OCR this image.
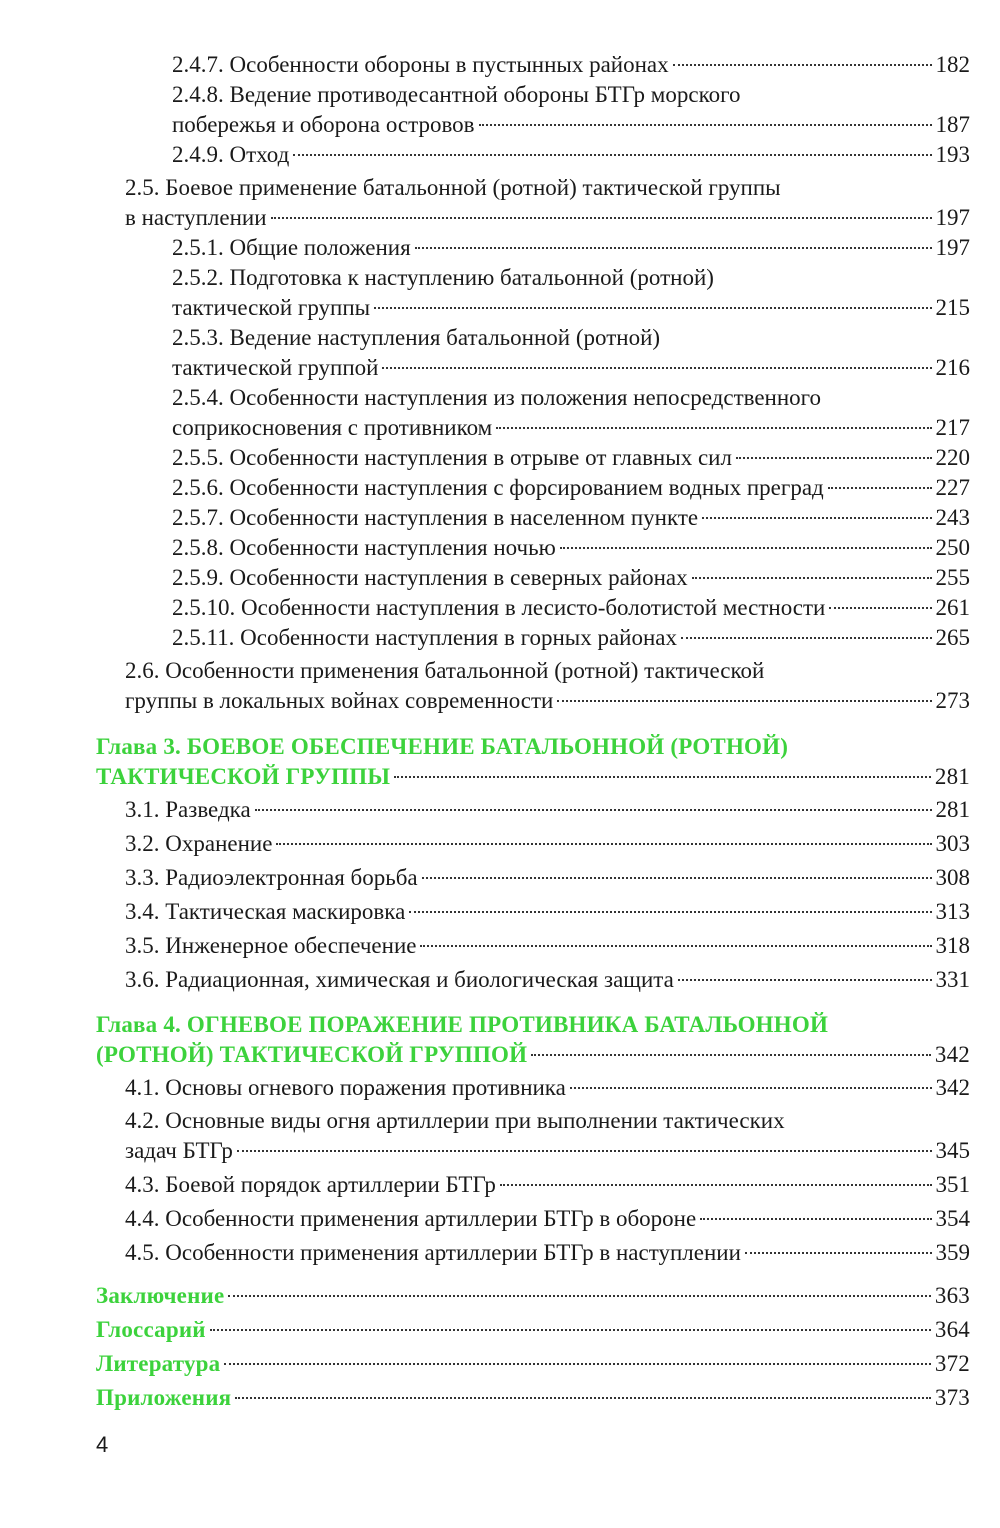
2.4.7. Особенности обороны в пустынных районах	182
2.4.8. Ведение противодесантной обороны БТГр морского
побережья и оборона островов	187
2.4.9. Отход	193
2.5. Боевое применение батальонной (ротной) тактической группы
в наступлении	197
2.5.1. Общие положения	197
2.5.2. Подготовка к наступлению батальонной (ротной)
тактической группы	215
2.5.3. Ведение наступления батальонной (ротной)
тактической группой	216
2.5.4. Особенности наступления из положения непосредственного
соприкосновения с противником	217
2.5.5. Особенности наступления в отрыве от главных сил	220
2.5.6. Особенности наступления с форсированием водных преград	227
2.5.7. Особенности наступления в населенном пункте	243
2.5.8. Особенности наступления ночью	250
2.5.9. Особенности наступления в северных районах	255
2.5.10. Особенности наступления в лесисто-болотистой местности	261
2.5.11. Особенности наступления в горных районах	265
2.6. Особенности применения батальонной (ротной) тактической
группы в локальных войнах современности	273
Глава 3. БОЕВОЕ ОБЕСПЕЧЕНИЕ БАТАЛЬОННОЙ (РОТНОЙ)
ТАКТИЧЕСКОЙ ГРУППЫ	281
3.1. Разведка	281
3.2. Охранение	303
3.3. Радиоэлектронная борьба	308
3.4. Тактическая маскировка	313
3.5. Инженерное обеспечение	318
3.6. Радиационная, химическая и биологическая защита	331
Глава 4. ОГНЕВОЕ ПОРАЖЕНИЕ ПРОТИВНИКА БАТАЛЬОННОЙ
(РОТНОЙ) ТАКТИЧЕСКОЙ ГРУППОЙ	342
4.1. Основы огневого поражения противника	342
4.2. Основные виды огня артиллерии при выполнении тактических
задач БТГр	345
4.3. Боевой порядок артиллерии БТГр	351
4.4. Особенности применения артиллерии БТГр в обороне	354
4.5. Особенности применения артиллерии БТГр в наступлении	359
Заключение	363
Глоссарий	364
Литература	372
Приложения	373
4
